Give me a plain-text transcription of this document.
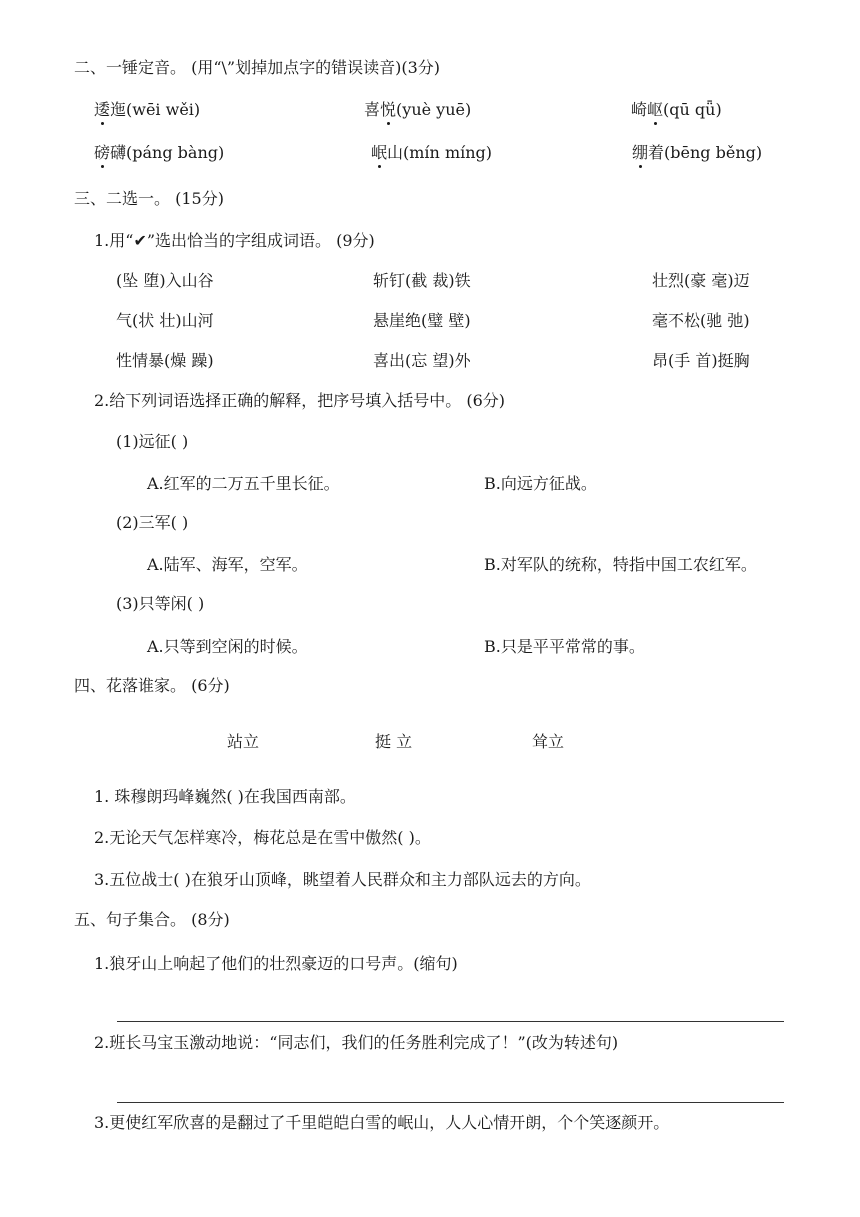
二、一锤定音。 (用“\”划掉加点字的错误读音)(3分)
逶迤(wēi wěi)	喜悦(yuè yuē)	崎岖(qū qǖ)
磅礴(páng bàng)	岷山(mín míng)	绷着(bēng běng)
三、二选一。 (15分)
1.用“✔”选出恰当的字组成词语。 (9分)
(坠 堕)入山谷	斩钉(截 裁)铁	壮烈(豪 毫)迈
气(状 壮)山河	悬崖绝(璧 壁)	毫不松(驰 弛)
性情暴(燥 躁)	喜出(忘 望)外	昂(手 首)挺胸
2.给下列词语选择正确的解释，把序号填入括号中。 (6分)
(1)远征( )
A.红军的二万五千里长征。	B.向远方征战。
(2)三军( )
A.陆军、海军，空军。	B.对军队的统称，特指中国工农红军。
(3)只等闲( )
A.只等到空闲的时候。	B.只是平平常常的事。
四、花落谁家。 (6分)
站立	挺 立	耸立
1. 珠穆朗玛峰巍然( )在我国西南部。
2.无论天气怎样寒冷，梅花总是在雪中傲然( )。
3.五位战士( )在狼牙山顶峰，眺望着人民群众和主力部队远去的方向。
五、句子集合。 (8分)
1.狼牙山上响起了他们的壮烈豪迈的口号声。(缩句)
2.班长马宝玉激动地说：“同志们，我们的任务胜利完成了！”(改为转述句)
3.更使红军欣喜的是翻过了千里皑皑白雪的岷山，人人心情开朗，个个笑逐颜开。
